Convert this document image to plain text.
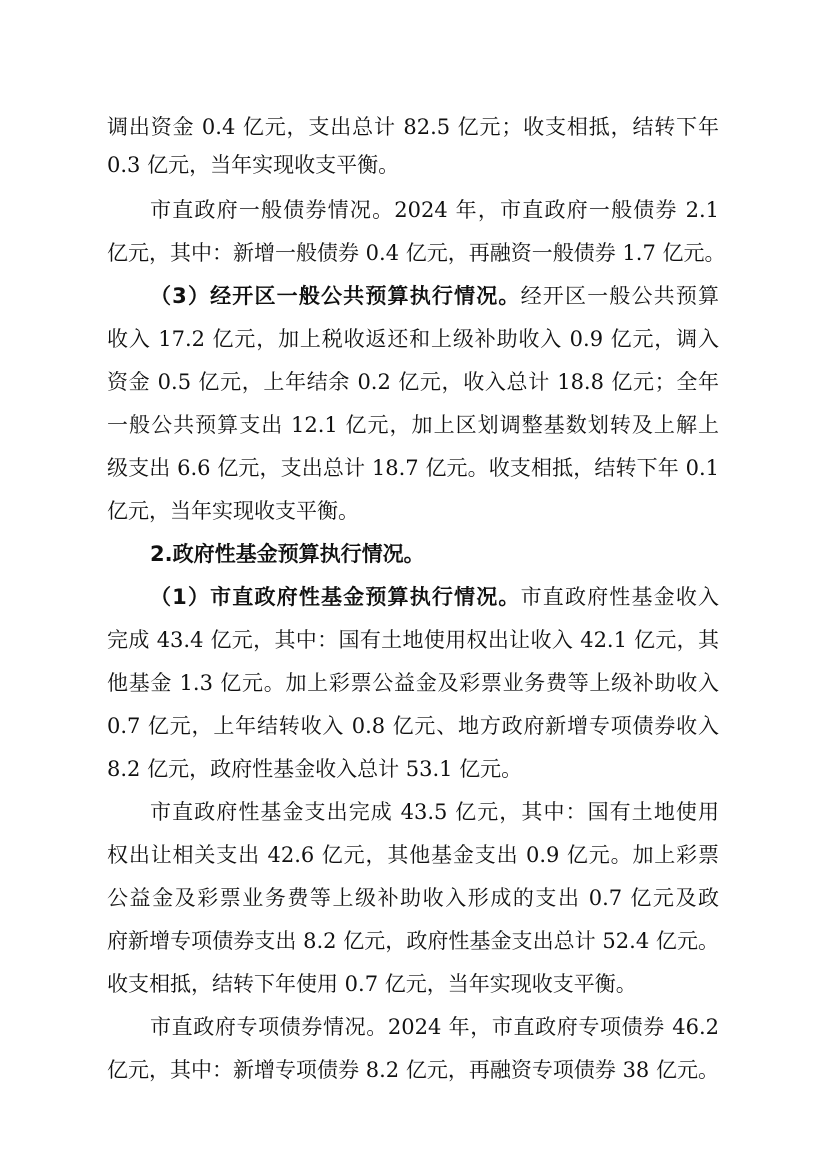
调出资金 0.4 亿元，支出总计 82.5 亿元；收支相抵，结转下年
0.3 亿元，当年实现收支平衡。
市直政府一般债券情况。2024 年，市直政府一般债券 2.1
亿元，其中：新增一般债券 0.4 亿元，再融资一般债券 1.7 亿元。
（3）经开区一般公共预算执行情况。经开区一般公共预算
收入 17.2 亿元，加上税收返还和上级补助收入 0.9 亿元，调入
资金 0.5 亿元，上年结余 0.2 亿元，收入总计 18.8 亿元；全年
一般公共预算支出 12.1 亿元，加上区划调整基数划转及上解上
级支出 6.6 亿元，支出总计 18.7 亿元。收支相抵，结转下年 0.1
亿元，当年实现收支平衡。
2.政府性基金预算执行情况。
（1）市直政府性基金预算执行情况。市直政府性基金收入
完成 43.4 亿元，其中：国有土地使用权出让收入 42.1 亿元，其
他基金 1.3 亿元。加上彩票公益金及彩票业务费等上级补助收入
0.7 亿元，上年结转收入 0.8 亿元、地方政府新增专项债券收入
8.2 亿元，政府性基金收入总计 53.1 亿元。
市直政府性基金支出完成 43.5 亿元，其中：国有土地使用
权出让相关支出 42.6 亿元，其他基金支出 0.9 亿元。加上彩票
公益金及彩票业务费等上级补助收入形成的支出 0.7 亿元及政
府新增专项债券支出 8.2 亿元，政府性基金支出总计 52.4 亿元。
收支相抵，结转下年使用 0.7 亿元，当年实现收支平衡。
市直政府专项债券情况。2024 年，市直政府专项债券 46.2
亿元，其中：新增专项债券 8.2 亿元，再融资专项债券 38 亿元。
